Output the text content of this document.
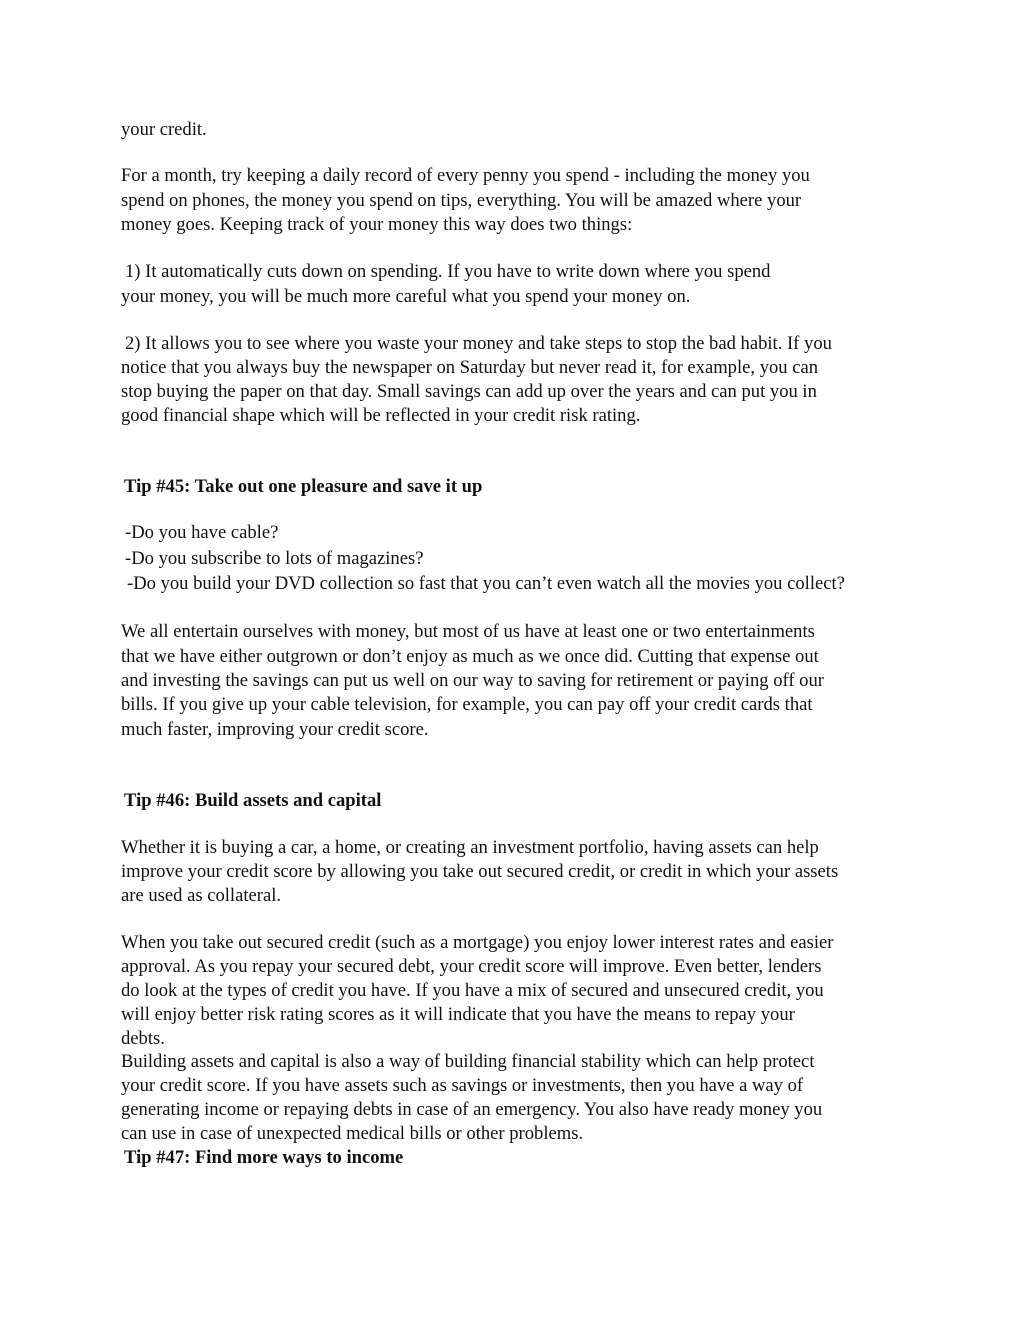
your credit.

For a month, try keeping a daily record of every penny you spend - including the money you

spend on phones, the money you spend on tips, everything. You will be amazed where your

money goes. Keeping track of your money this way does two things:

1) It automatically cuts down on spending. If you have to write down where you spend

your money, you will be much more careful what you spend your money on.

2) It allows you to see where you waste your money and take steps to stop the bad habit. If you

notice that you always buy the newspaper on Saturday but never read it, for example, you can

stop buying the paper on that day. Small savings can add up over the years and can put you in

good financial shape which will be reflected in your credit risk rating.

Tip #45: Take out one pleasure and save it up

-Do you have cable?

-Do you subscribe to lots of magazines?

-Do you build your DVD collection so fast that you can’t even watch all the movies you collect?

We all entertain ourselves with money, but most of us have at least one or two entertainments

that we have either outgrown or don’t enjoy as much as we once did. Cutting that expense out

and investing the savings can put us well on our way to saving for retirement or paying off our

bills. If you give up your cable television, for example, you can pay off your credit cards that

much faster, improving your credit score.

Tip #46: Build assets and capital

Whether it is buying a car, a home, or creating an investment portfolio, having assets can help

improve your credit score by allowing you take out secured credit, or credit in which your assets

are used as collateral.

When you take out secured credit (such as a mortgage) you enjoy lower interest rates and easier

approval. As you repay your secured debt, your credit score will improve. Even better, lenders

do look at the types of credit you have. If you have a mix of secured and unsecured credit, you

will enjoy better risk rating scores as it will indicate that you have the means to repay your

debts.

Building assets and capital is also a way of building financial stability which can help protect

your credit score. If you have assets such as savings or investments, then you have a way of

generating income or repaying debts in case of an emergency. You also have ready money you

can use in case of unexpected medical bills or other problems.

Tip #47: Find more ways to income
